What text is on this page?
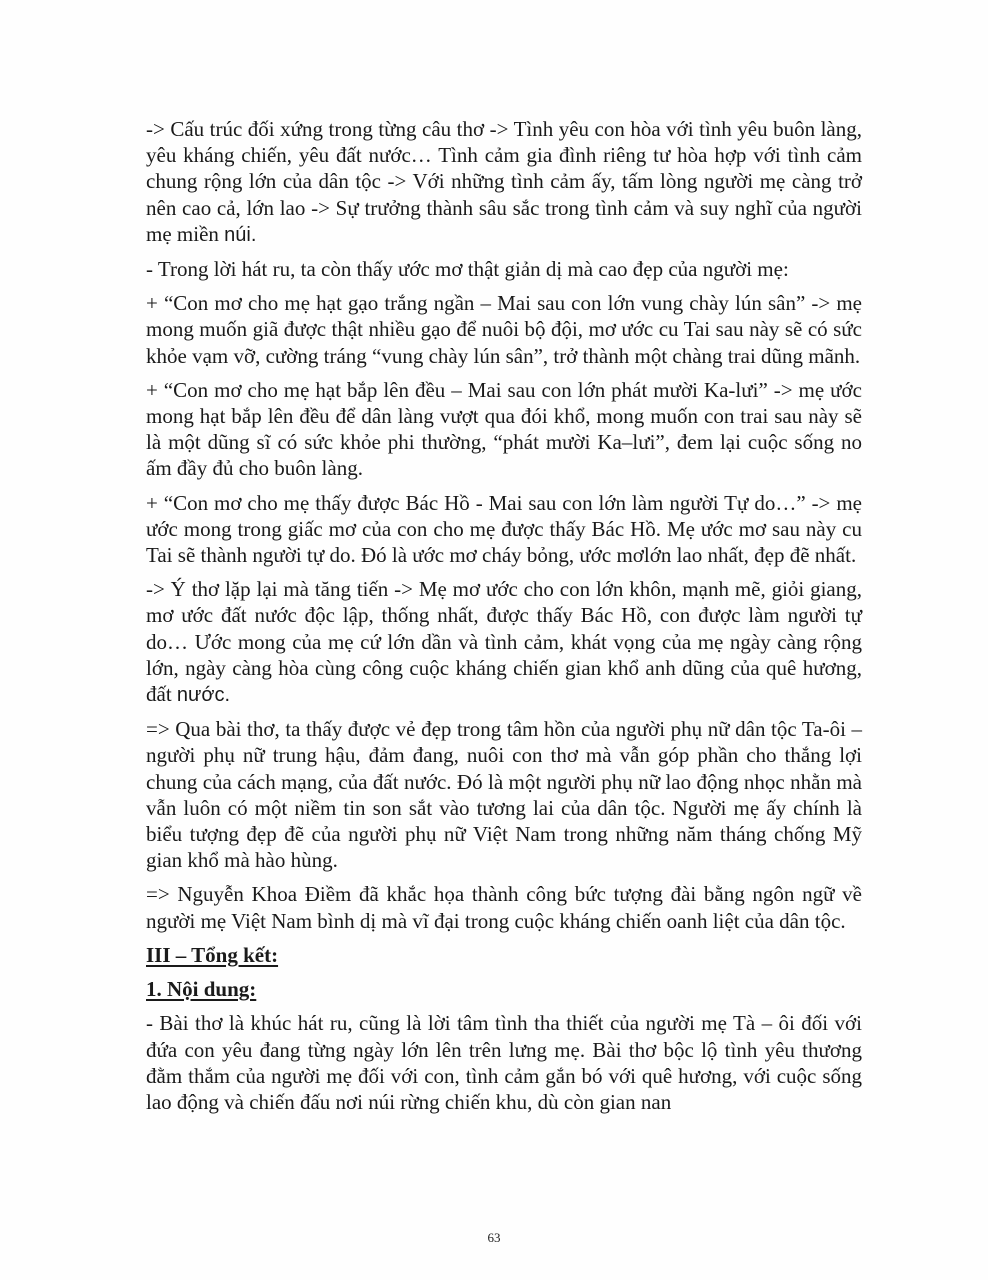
-> Cấu trúc đối xứng trong từng câu thơ -> Tình yêu con hòa với tình yêu buôn làng, yêu kháng chiến, yêu đất nước… Tình cảm gia đình riêng tư hòa hợp với tình cảm chung rộng lớn của dân tộc -> Với những tình cảm ấy, tấm lòng người mẹ càng trở nên cao cả, lớn lao -> Sự trưởng thành sâu sắc trong tình cảm và suy nghĩ của người mẹ miền núi.

- Trong lời hát ru, ta còn thấy ước mơ thật giản dị mà cao đẹp của người mẹ:

+ “Con mơ cho mẹ hạt gạo trắng ngần – Mai sau con lớn vung chày lún sân” -> mẹ mong muốn giã được thật nhiều gạo để nuôi bộ đội, mơ ước cu Tai sau này sẽ có sức khỏe vạm vỡ, cường tráng “vung chày lún sân”, trở thành một chàng trai dũng mãnh.

+ “Con mơ cho mẹ hạt bắp lên đều – Mai sau con lớn phát mười Ka-lưi” -> mẹ ước mong hạt bắp lên đều để dân làng vượt qua đói khổ, mong muốn con trai sau này sẽ là một dũng sĩ có sức khỏe phi thường, “phát mười Ka–lưi”, đem lại cuộc sống no ấm đầy đủ cho buôn làng.

+ “Con mơ cho mẹ thấy được Bác Hồ - Mai sau con lớn làm người Tự do…” -> mẹ ước mong trong giấc mơ của con cho mẹ được thấy Bác Hồ. Mẹ ước mơ sau này cu Tai sẽ thành người tự do. Đó là ước mơ cháy bỏng, ước mơlớn lao nhất, đẹp đẽ nhất.

-> Ý thơ lặp lại mà tăng tiến -> Mẹ mơ ước cho con lớn khôn, mạnh mẽ, giỏi giang, mơ ước đất nước độc lập, thống nhất, được thấy Bác Hồ, con được làm người tự do… Ước mong của mẹ cứ lớn dần và tình cảm, khát vọng của mẹ ngày càng rộng lớn, ngày càng hòa cùng công cuộc kháng chiến gian khổ anh dũng của quê hương, đất nước.

=> Qua bài thơ, ta thấy được vẻ đẹp trong tâm hồn của người phụ nữ dân tộc Ta-ôi – người phụ nữ trung hậu, đảm đang, nuôi con thơ mà vẫn góp phần cho thắng lợi chung của cách mạng, của đất nước. Đó là một người phụ nữ lao động nhọc nhằn mà vẫn luôn có một niềm tin son sắt vào tương lai của dân tộc. Người mẹ ấy chính là biểu tượng đẹp đẽ của người phụ nữ Việt Nam trong những năm tháng chống Mỹ gian khổ mà hào hùng.

=> Nguyễn Khoa Điềm đã khắc họa thành công bức tượng đài bằng ngôn ngữ về người mẹ Việt Nam bình dị mà vĩ đại trong cuộc kháng chiến oanh liệt của dân tộc.

III – Tổng kết:

1. Nội dung:

- Bài thơ là khúc hát ru, cũng là lời tâm tình tha thiết của người mẹ Tà – ôi đối với đứa con yêu đang từng ngày lớn lên trên lưng mẹ. Bài thơ bộc lộ tình yêu thương đằm thắm của người mẹ đối với con, tình cảm gắn bó với quê hương, với cuộc sống lao động và chiến đấu nơi núi rừng chiến khu, dù còn gian nan

63
